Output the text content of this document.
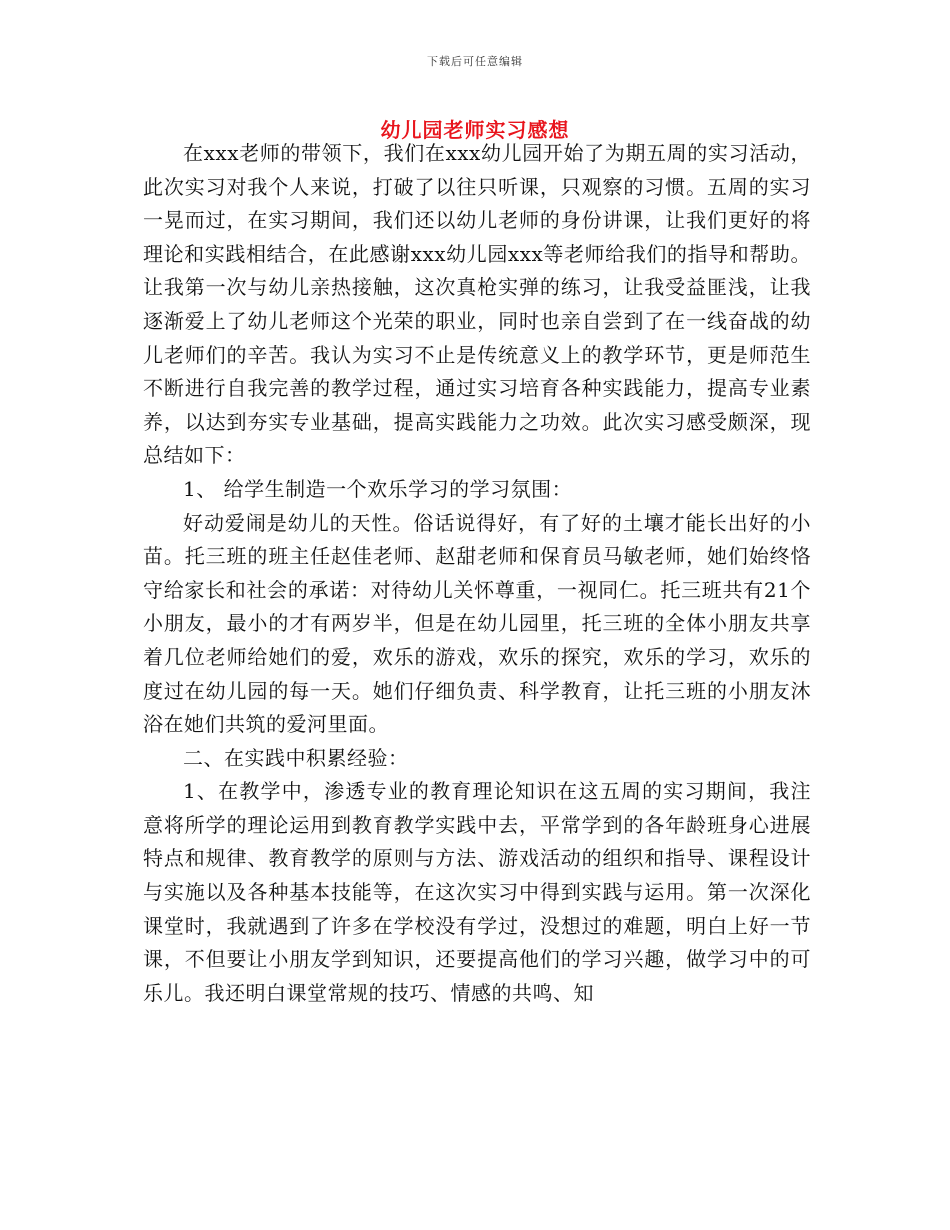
下载后可任意编辑
幼儿园老师实习感想

在xxx老师的带领下，我们在xxx幼儿园开始了为期五周的实习活动，此次实习对我个人来说，打破了以往只听课，只观察的习惯。五周的实习一晃而过，在实习期间，我们还以幼儿老师的身份讲课，让我们更好的将理论和实践相结合，在此感谢xxx幼儿园xxx等老师给我们的指导和帮助。让我第一次与幼儿亲热接触，这次真枪实弹的练习，让我受益匪浅，让我逐渐爱上了幼儿老师这个光荣的职业，同时也亲自尝到了在一线奋战的幼儿老师们的辛苦。我认为实习不止是传统意义上的教学环节，更是师范生不断进行自我完善的教学过程，通过实习培育各种实践能力，提高专业素养，以达到夯实专业基础，提高实践能力之功效。此次实习感受颇深，现总结如下：

1、 给学生制造一个欢乐学习的学习氛围：

好动爱闹是幼儿的天性。俗话说得好，有了好的土壤才能长出好的小苗。托三班的班主任赵佳老师、赵甜老师和保育员马敏老师，她们始终恪守给家长和社会的承诺：对待幼儿关怀尊重，一视同仁。托三班共有21个小朋友，最小的才有两岁半，但是在幼儿园里，托三班的全体小朋友共享着几位老师给她们的爱，欢乐的游戏，欢乐的探究，欢乐的学习，欢乐的度过在幼儿园的每一天。她们仔细负责、科学教育，让托三班的小朋友沐浴在她们共筑的爱河里面。

二、在实践中积累经验：

1、在教学中，渗透专业的教育理论知识在这五周的实习期间，我注意将所学的理论运用到教育教学实践中去，平常学到的各年龄班身心进展特点和规律、教育教学的原则与方法、游戏活动的组织和指导、课程设计与实施以及各种基本技能等，在这次实习中得到实践与运用。第一次深化课堂时，我就遇到了许多在学校没有学过，没想过的难题，明白上好一节课，不但要让小朋友学到知识，还要提高他们的学习兴趣，做学习中的可乐儿。我还明白课堂常规的技巧、情感的共鸣、知
